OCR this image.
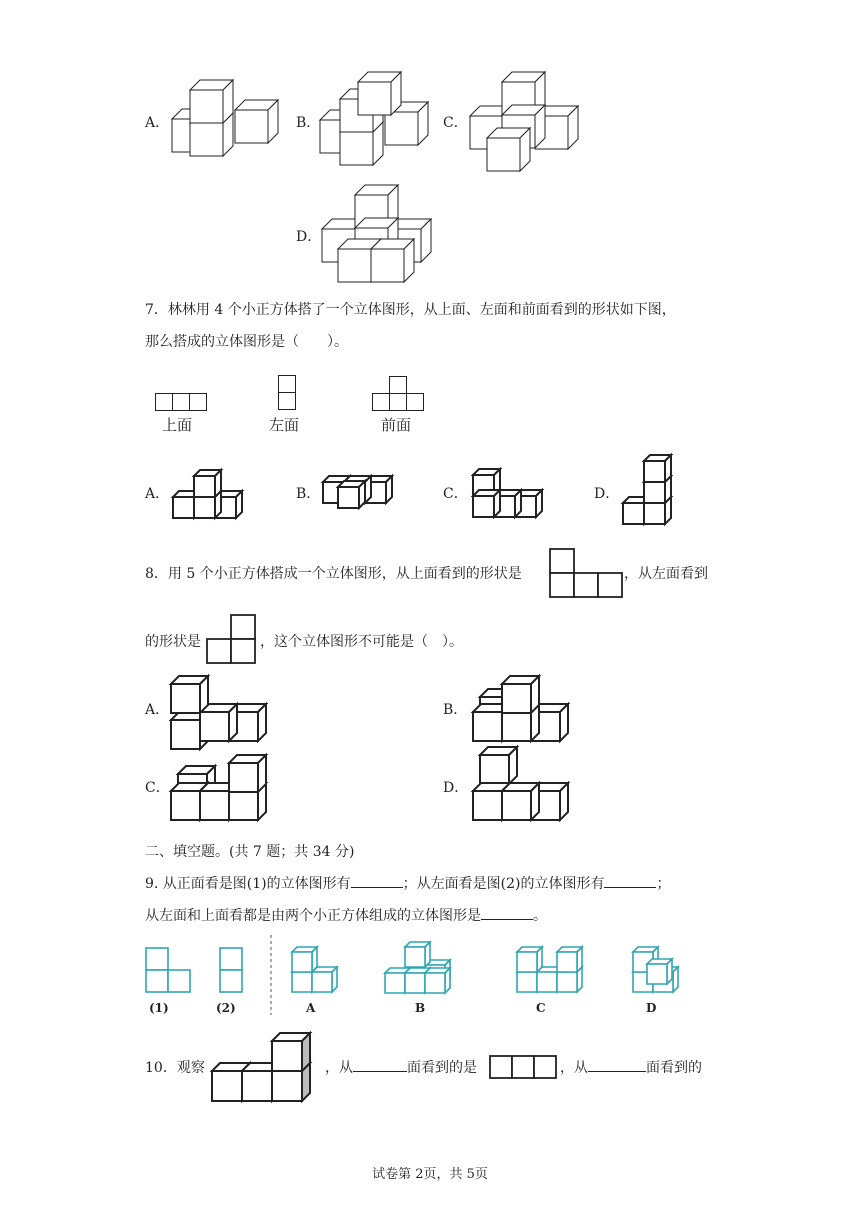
A．	B．	C．
D．
7．林林用 4 个小正方体搭了一个立体图形，从上面、左面和前面看到的形状如下图，
那么搭成的立体图形是（　　）。
上面	左面	前面
A．	B．	C．	D．
8．用 5 个小正方体搭成一个立体图形，从上面看到的形状是	，从左面看到
的形状是	，这个立体图形不可能是（　）。
A．	B．
C．	D．
二、填空题。(共 7 题；共 34 分)
9. 从正面看是图(1)的立体图形有	；从左面看是图(2)的立体图形有	；
从左面和上面看都是由两个小正方体组成的立体图形是	。
(1)	(2)	A	B	C	D
10．观察	，从	面看到的是	，从	面看到的
试卷第 2页，共 5页
